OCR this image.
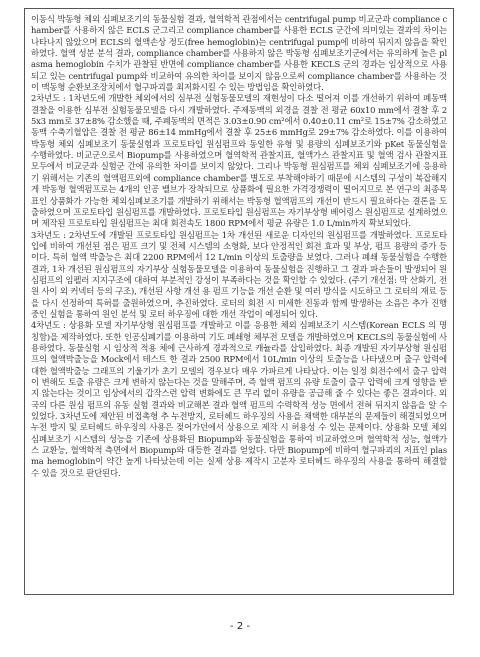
이동식 박동형 체외 심폐보조기의 동물실험 결과, 혈역학적 관점에서는 centrifugal pump 비교군과 compliance chamber를 사용하지 않은 ECLS 군그리고 compliance chamber를 사용한 ECLS 군간에 의미있는 결과의 차이는 나타나지 않았으며 ECLS의 혈액손상 정도(free hemoglobin)는 centrifugal pump에 비하여 뒤지지 않음을 확인하였다. 혈액 성분 분석 결과, compliance chamber를 사용하지 않은 박동형 심폐보조기군에서는 유의하게 높은 plasma hemoglobin 수치가 관찰된 반면에 compliance chamber를 사용한 KECLS 군의 경과는 임상적으로 사용되고 있는 centrifugal pump와 비교하여 유의한 차이를 보이지 않음으로써 compliance chamber를 사용하는 것이 맥동형 순환보조장치에서 혈구파괴를 최저화시킬 수 있는 방법임을 확인하였다.

2차년도 : 1차년도에 개발한 체외에서의 심부전 실험동물모델의 재현성이 다소 떨어져 이를 개선하기 위하여 폐동맥 결찰을 이용한 심부전 실험동물모델을 다시 개발하였다. 주제동맥의 외경을 결찰 전 평균 60x10 mm에서 결찰 후 25x3 mm로 37±8% 감소했을 때, 주폐동맥의 면적은 3.03±0.90 cm²에서 0.40±0.11 cm²로 15±7% 감소하였고 동맥 수축기혈압은 결찰 전 평균 86±14 mmHg에서 결찰 후 25±6 mmHg로 29±7% 감소하였다. 이를 이용하여 박동형 체외 심폐보조기 동물실험과 프로토타입 원심펌프와 동일한 유형 및 용량의 심폐보조기와 pKet 동물실험을 수행하였다. 비교군으로서 Biopump를 사용하였으며 혈역학적 관찰지표, 혈액가스 관찰지표 및 혈액 검사 관찰지표 모두에서 비교군과 실험군 간에 유의한 차이를 보이지 않았다. 그리나 박동형 원심펌프를 체외 심폐보조기에 응용하기 위해서는 기존의 혈액펌프외에 compliance chamber를 별도로 부착해야하기 때문에 시스템의 구성이 복잡해지게 박동형 혈액펌프로는 4개의 인공 밸브가 장착되므로 상품화에 필요한 가격경쟁력이 떨어지므로 본 연구의 최종목표인 상품화가 가능한 체외심폐보조기를 개발하기 위해서는 박동형 혈액펌프의 개선이 반드시 필요하다는 결론을 도출하였으며 프로토타입 원심펌프를 개발하였다. 프로토타입 원심펌프는 자기부상형 베어링스 원심펌프로 설계하였으며 제작된 프로토타입 원심펌프는 최대 회전속도 1800 RPM에서 평균 유량은 1.0 L/min까지 확보되었다.

3차년도 : 2차년도에 개발된 프로토타입 원심펌프는 1차 개선된 새로운 디자인의 원심펌프를 개발하였다. 프로토타입에 비하여 개선된 점은 펌프 크기 및 전체 시스템의 소형화, 보다 안정적인 회전 효과 및 부상, 펌프 용량의 증가 등이다. 특히 혈액 박출능은 최대 2200 RPM에서 12 L/min 이상의 토출량을 보였다. 그러나 폐쇄 동물실험을 수행한 결과, 1차 개선된 원심펌프의 자기부상 실험동물모델을 이용하여 동물실험을 진행하고 그 결과 파손들이 발생되어 원심펌프의 임펠러 지지구조에 대하여 부분적인 강성이 부족하다는 것을 확인할 수 있었다. (주기 개선점: 막 산화기, 전원 사이 외 커넥터 등의 구조), 개선된 사항 개선 용 펌프 기능을 개선 순환 및 여러 방식을 시도하고 그 로터의 재료 등을 다시 선정하여 특허를 출원하였으며, 추진하였다. 로터의 회전 시 미세한 진동과 함께 발생하는 소음은 추가 진행 중인 실험을 통하여 원인 분석 및 로터 하우징에 대한 개선 작업이 예정되어 있다.

4차년도 : 상용화 모델 자기부상형 원심펌프를 개발하고 이를 응용한 체외 심폐보조기 시스템(Korean ECLS 의 명칭함)을 제작하였다. 또한 인공심폐기를 이용하여 기도 폐쇄형 체부전 모델을 개발하였으며 KECLS의 동물실험에 사용하였다. 동물실험 시 임상적 적용 체에 근사하게 경과적으로 캐뉼라를 삽입하였다. 최종 개발된 자기부상형 원심펌프의 혈액박출능을 Mock에서 테스트 한 결과 2500 RPM에서 10L/min 이상의 토출능을 나타냈으며 출구 압력에 대한 혈액박출능 그래프의 기울기가 초기 모델의 경우보다 매우 가파르게 나타났다. 이는 일정 회전수에서 출구 압력이 변해도 토출 유량은 크게 변하지 않는다는 것을 말해주며, 즉 혈액 펌프의 유량 토출이 출구 압력에 크게 영향을 받지 않는다는 것이고 임상에서의 갑작스런 압력 변화에도 큰 무리 없이 유량을 공급해 줄 수 있다는 좋은 결과이다. 외국의 다른 원심 펌프의 유동 실험 결과와 비교해본 결과 혈액 펌프의 수력학적 성능 면에서 전혀 뒤지지 않음을 알 수 있었다. 3차년도에 제안된 비접촉형 추 누전방지, 로터헤드 하우징의 사용을 채택한 대부분의 문제들이 해결되었으며 누전 방지 및 로터헤드 하우징의 사용은 젖어가던에서 상용으로 제작 시 허용성 수 있는 문제이다. 상용화 모델 체외 심폐보조기 시스템의 성능을 기존에 상용화된 Biopump와 동물실험을 통하여 비교하였으며 혈역학적 성능, 혈액가스 교환능, 혈액학적 측면에서 Biopump와 대등한 결과를 얻었다. 다만 Biopump에 비하여 혈구파괴의 저표인 plasma hemoglobin이 약간 높게 나타났는데 이는 실제 상용 제작시 고분자 로터헤드 하우징의 사용을 통하여 해결할 수 있을 것으로 판단된다.

- 2 -
